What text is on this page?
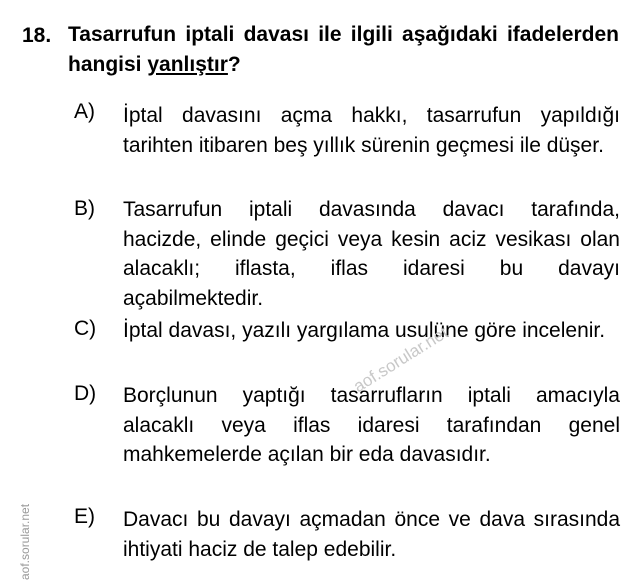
18. Tasarrufun iptali davası ile ilgili aşağıdaki ifadelerden hangisi yanlıştır?
A) İptal davasını açma hakkı, tasarrufun yapıldığı tarihten itibaren beş yıllık sürenin geçmesi ile düşer.
B) Tasarrufun iptali davasında davacı tarafında, hacizde, elinde geçici veya kesin aciz vesikası olan alacaklı; iflasta, iflas idaresi bu davayı açabilmektedir.
C) İptal davası, yazılı yargılama usulüne göre incelenir.
D) Borçlunun yaptığı tasarrufların iptali amacıyla alacaklı veya iflas idaresi tarafından genel mahkemelerde açılan bir eda davasıdır.
E) Davacı bu davayı açmadan önce ve dava sırasında ihtiyati haciz de talep edebilir.
aof.sorular.net
aof.sorular.net
